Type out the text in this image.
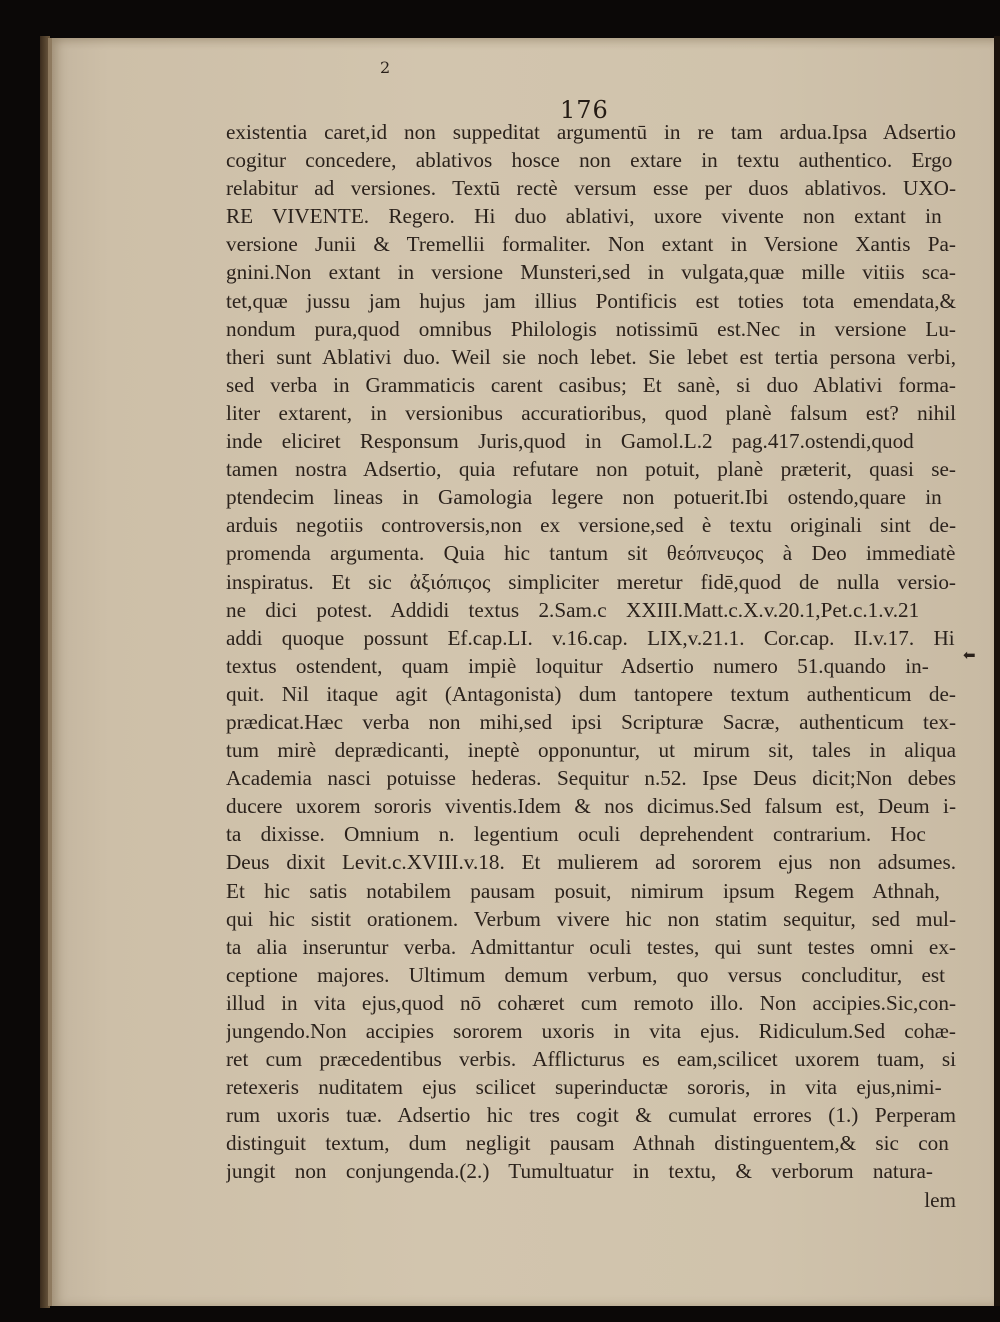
2
176
⬅
existentia caret,id non suppeditat argumentū in re tam ardua.Ipsa Adsertio
cogitur concedere, ablativos hosce non extare in textu authentico. Ergo
relabitur ad versiones. Textū rectè versum esse per duos ablativos. UXO-
RE VIVENTE. Regero. Hi duo ablativi, uxore vivente non extant in
versione Junii & Tremellii formaliter. Non extant in Versione Xantis Pa-
gnini.Non extant in versione Munsteri,sed in vulgata,quæ mille vitiis sca-
tet,quæ jussu jam hujus jam illius Pontificis est toties tota emendata,&
nondum pura,quod omnibus Philologis notissimū est.Nec in versione Lu-
theri sunt Ablativi duo. Weil sie noch lebet. Sie lebet est tertia persona verbi,
sed verba in Grammaticis carent casibus; Et sanè, si duo Ablativi forma-
liter extarent, in versionibus accuratioribus, quod planè falsum est? nihil
inde eliciret Responsum Juris,quod in Gamol.L.2 pag.417.ostendi,quod
tamen nostra Adsertio, quia refutare non potuit, planè præterit, quasi se-
ptendecim lineas in Gamologia legere non potuerit.Ibi ostendo,quare in
arduis negotiis controversis,non ex versione,sed è textu originali sint de-
promenda argumenta. Quia hic tantum sit θεόπνευςος à Deo immediatè
inspiratus. Et sic ἀξιόπιςος simpliciter meretur fidē,quod de nulla versio-
ne dici potest. Addidi textus 2.Sam.c XXIII.Matt.c.X.v.20.1,Pet.c.1.v.21
addi quoque possunt Ef.cap.LI. v.16.cap. LIX,v.21.1. Cor.cap. II.v.17. Hi
textus ostendent, quam impiè loquitur Adsertio numero 51.quando in-
quit. Nil itaque agit (Antagonista) dum tantopere textum authenticum de-
prædicat.Hæc verba non mihi,sed ipsi Scripturæ Sacræ, authenticum tex-
tum mirè deprædicanti, ineptè opponuntur, ut mirum sit, tales in aliqua
Academia nasci potuisse hederas. Sequitur n.52. Ipse Deus dicit;Non debes
ducere uxorem sororis viventis.Idem & nos dicimus.Sed falsum est, Deum i-
ta dixisse. Omnium n. legentium oculi deprehendent contrarium. Hoc
Deus dixit Levit.c.XVIII.v.18. Et mulierem ad sororem ejus non adsumes.
Et hic satis notabilem pausam posuit, nimirum ipsum Regem Athnah,
qui hic sistit orationem. Verbum vivere hic non statim sequitur, sed mul-
ta alia inseruntur verba. Admittantur oculi testes, qui sunt testes omni ex-
ceptione majores. Ultimum demum verbum, quo versus concluditur, est
illud in vita ejus,quod nō cohæret cum remoto illo. Non accipies.Sic,con-
jungendo.Non accipies sororem uxoris in vita ejus. Ridiculum.Sed cohæ-
ret cum præcedentibus verbis. Afflicturus es eam,scilicet uxorem tuam, si
retexeris nuditatem ejus scilicet superinductæ sororis, in vita ejus,nimi-
rum uxoris tuæ. Adsertio hic tres cogit & cumulat errores (1.) Perperam
distinguit textum, dum negligit pausam Athnah distinguentem,& sic con
jungit non conjungenda.(2.) Tumultuatur in textu, & verborum natura-
lem
